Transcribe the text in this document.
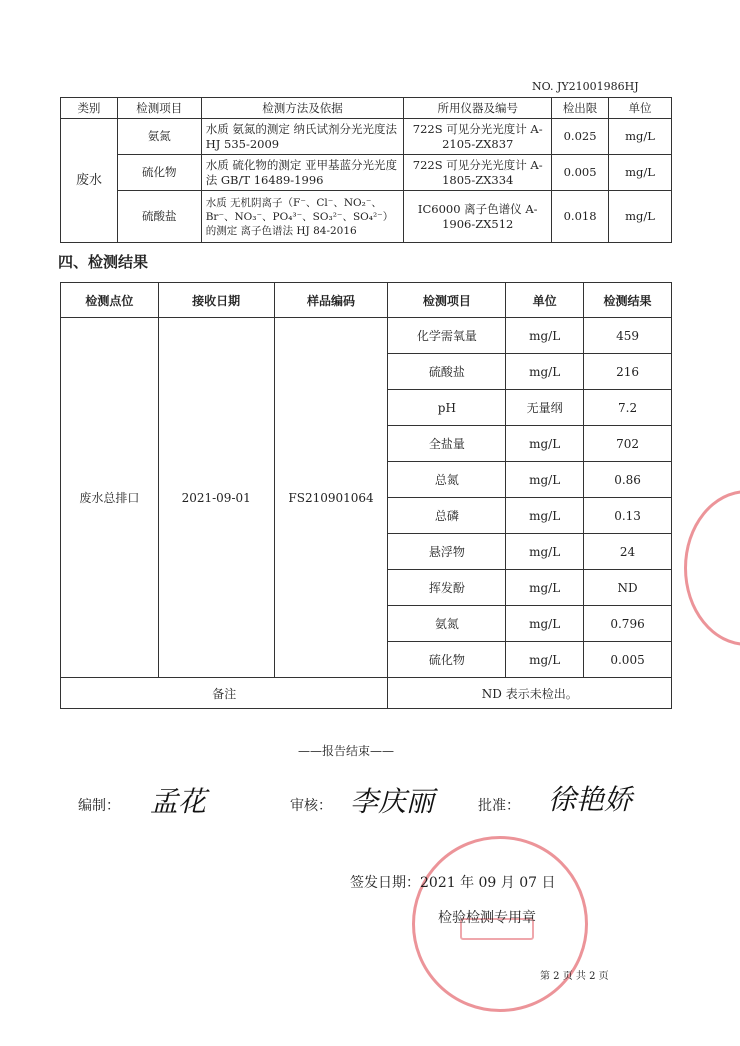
NO. JY21001986HJ
类别	检测项目	检测方法及依据	所用仪器及编号	检出限	单位
废水	氨氮	水质 氨氮的测定 纳氏试剂分光光度法 HJ 535-2009	722S 可见分光光度计 A-2105-ZX837	0.025	mg/L
	硫化物	水质 硫化物的测定 亚甲基蓝分光光度法 GB/T 16489-1996	722S 可见分光光度计 A-1805-ZX334	0.005	mg/L
	硫酸盐	水质 无机阴离子（F⁻、Cl⁻、NO₂⁻、Br⁻、NO₃⁻、PO₄³⁻、SO₃²⁻、SO₄²⁻）的测定 离子色谱法 HJ 84-2016	IC6000 离子色谱仪 A-1906-ZX512	0.018	mg/L
四、检测结果
检测点位	接收日期	样品编码	检测项目	单位	检测结果
废水总排口	2021-09-01	FS210901064	化学需氧量	mg/L	459
			硫酸盐	mg/L	216
			pH	无量纲	7.2
			全盐量	mg/L	702
			总氮	mg/L	0.86
			总磷	mg/L	0.13
			悬浮物	mg/L	24
			挥发酚	mg/L	ND
			氨氮	mg/L	0.796
			硫化物	mg/L	0.005
备注			ND 表示未检出。		
——报告结束——
编制： 孟花	审核： 李庆丽	批准： 徐艳娇
签发日期：2021 年 09 月 07 日
检验检测专用章
第 2 页 共 2 页
